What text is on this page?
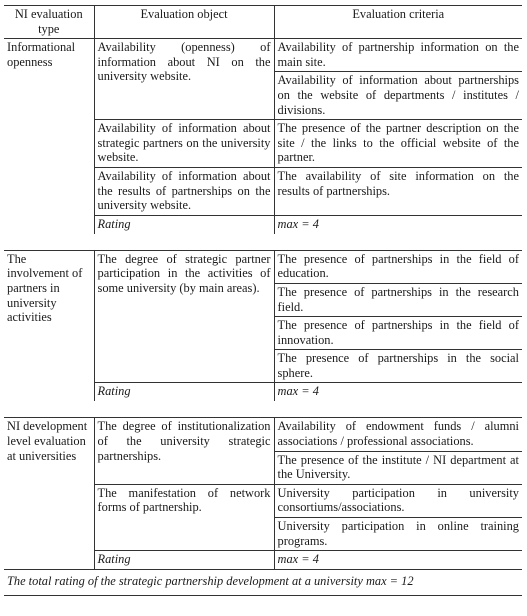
NI evaluation type	Evaluation object	Evaluation criteria
Informational openness	Availability (openness) of information about NI on the university website.	Availability of partnership information on the main site.
		Availability of information about partnerships on the website of departments / institutes / divisions.
	Availability of information about strategic partners on the university website.	The presence of the partner description on the site / the links to the official website of the partner.
	Availability of information about the results of partnerships on the university website.	The availability of site information on the results of partnerships.
	Rating	max = 4

The involvement of partners in university activities	The degree of strategic partner participation in the activities of some university (by main areas).	The presence of partnerships in the field of education.
		The presence of partnerships in the research field.
		The presence of partnerships in the field of innovation.
		The presence of partnerships in the social sphere.
	Rating	max = 4

NI development level evaluation at universities	The degree of institutionalization of the university strategic partnerships.	Availability of endowment funds / alumni associations / professional associations.
		The presence of the institute / NI department at the University.
	The manifestation of network forms of partnership.	University participation in university consortiums/associations.
		University participation in online training programs.
	Rating	max = 4
The total rating of the strategic partnership development at a university max = 12		
